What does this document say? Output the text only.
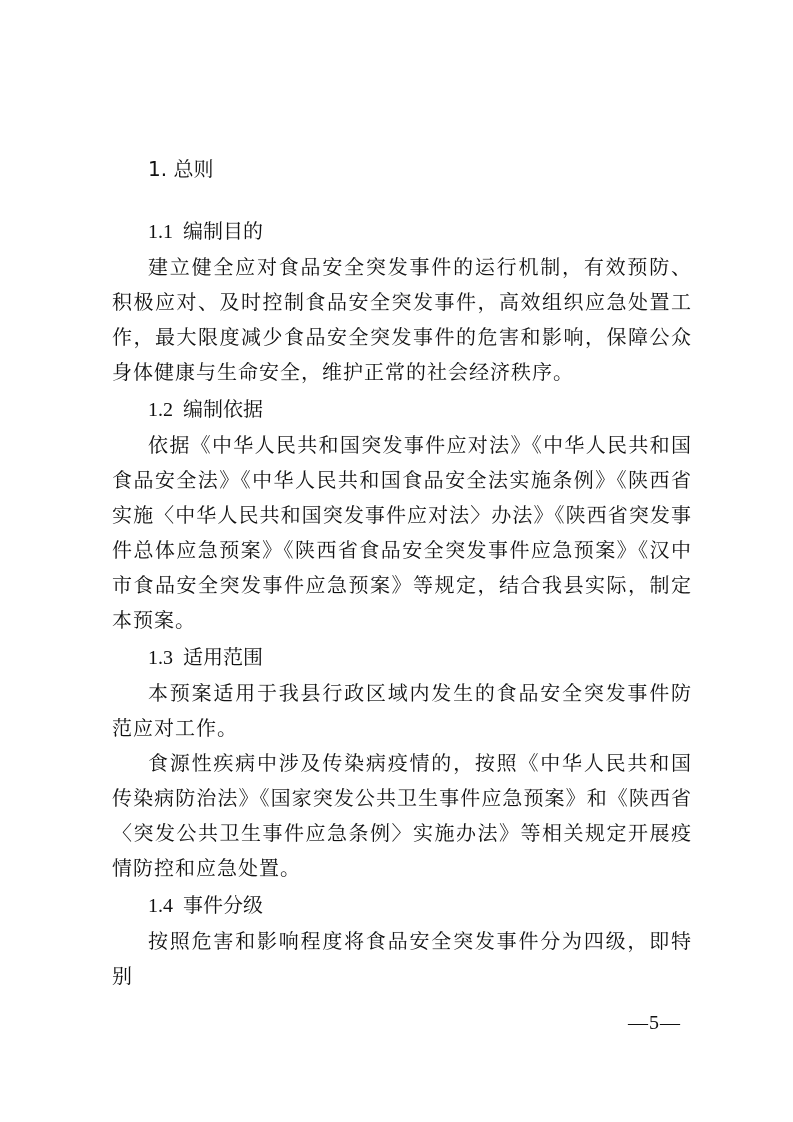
1. 总则
1.1 编制目的

建立健全应对食品安全突发事件的运行机制，有效预防、积极应对、及时控制食品安全突发事件，高效组织应急处置工作，最大限度减少食品安全突发事件的危害和影响，保障公众身体健康与生命安全，维护正常的社会经济秩序。

1.2 编制依据

依据《中华人民共和国突发事件应对法》《中华人民共和国食品安全法》《中华人民共和国食品安全法实施条例》《陕西省实施〈中华人民共和国突发事件应对法〉办法》《陕西省突发事件总体应急预案》《陕西省食品安全突发事件应急预案》《汉中市食品安全突发事件应急预案》等规定，结合我县实际，制定本预案。

1.3 适用范围

本预案适用于我县行政区域内发生的食品安全突发事件防范应对工作。

食源性疾病中涉及传染病疫情的，按照《中华人民共和国传染病防治法》《国家突发公共卫生事件应急预案》和《陕西省〈突发公共卫生事件应急条例〉实施办法》等相关规定开展疫情防控和应急处置。

1.4 事件分级

按照危害和影响程度将食品安全突发事件分为四级，即特别

—5—
